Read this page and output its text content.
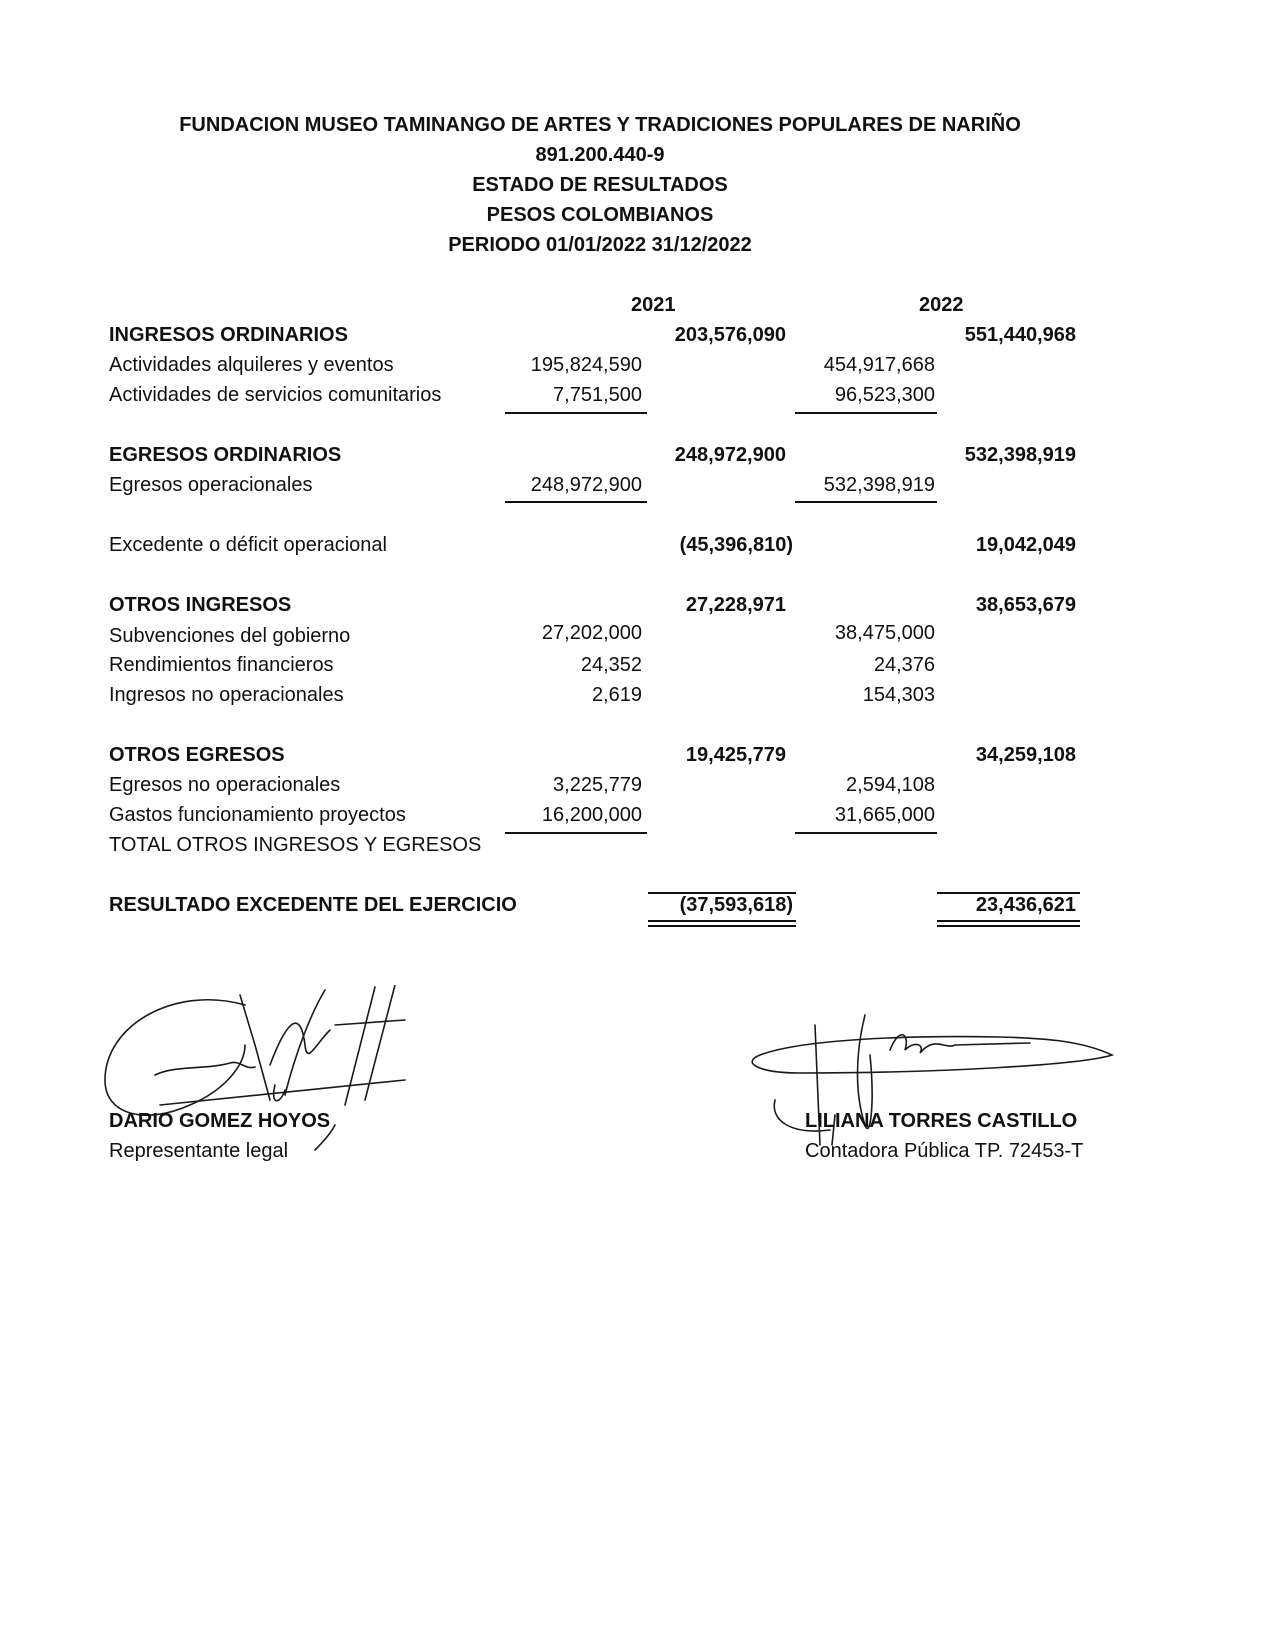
FUNDACION MUSEO TAMINANGO DE ARTES Y TRADICIONES POPULARES DE NARIÑO
891.200.440-9
ESTADO DE RESULTADOS
PESOS COLOMBIANOS
PERIODO 01/01/2022 31/12/2022
2021	2022
INGRESOS ORDINARIOS	203,576,090	551,440,968
Actividades alquileres y eventos	195,824,590	454,917,668
Actividades de servicios comunitarios	7,751,500	96,523,300
EGRESOS ORDINARIOS	248,972,900	532,398,919
Egresos operacionales	248,972,900	532,398,919
Excedente o déficit operacional	(45,396,810)	19,042,049
OTROS INGRESOS	27,228,971	38,653,679
Subvenciones del gobierno	27,202,000	38,475,000
Rendimientos financieros	24,352	24,376
Ingresos no operacionales	2,619	154,303
OTROS EGRESOS	19,425,779	34,259,108
Egresos no operacionales	3,225,779	2,594,108
Gastos funcionamiento proyectos	16,200,000	31,665,000
TOTAL OTROS INGRESOS Y EGRESOS
RESULTADO EXCEDENTE DEL EJERCICIO	(37,593,618)	23,436,621
DARIO GOMEZ HOYOS
Representante legal
LILIANA TORRES CASTILLO
Contadora Pública TP. 72453-T
